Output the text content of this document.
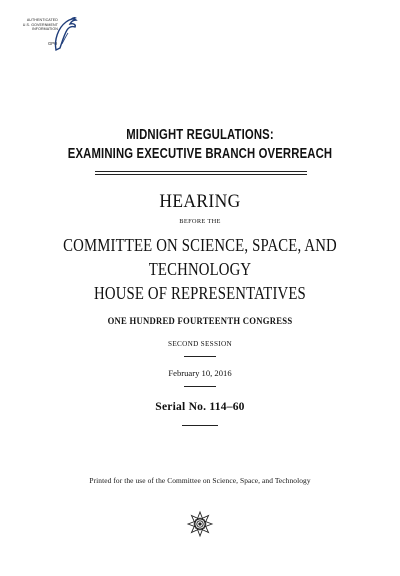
AUTHENTICATED
U.S. GOVERNMENT
INFORMATION
GPO
MIDNIGHT REGULATIONS:
EXAMINING EXECUTIVE BRANCH OVERREACH
HEARING
BEFORE THE
COMMITTEE ON SCIENCE, SPACE, AND
TECHNOLOGY
HOUSE OF REPRESENTATIVES
ONE HUNDRED FOURTEENTH CONGRESS
SECOND SESSION
February 10, 2016
Serial No. 114–60
Printed for the use of the Committee on Science, Space, and Technology
